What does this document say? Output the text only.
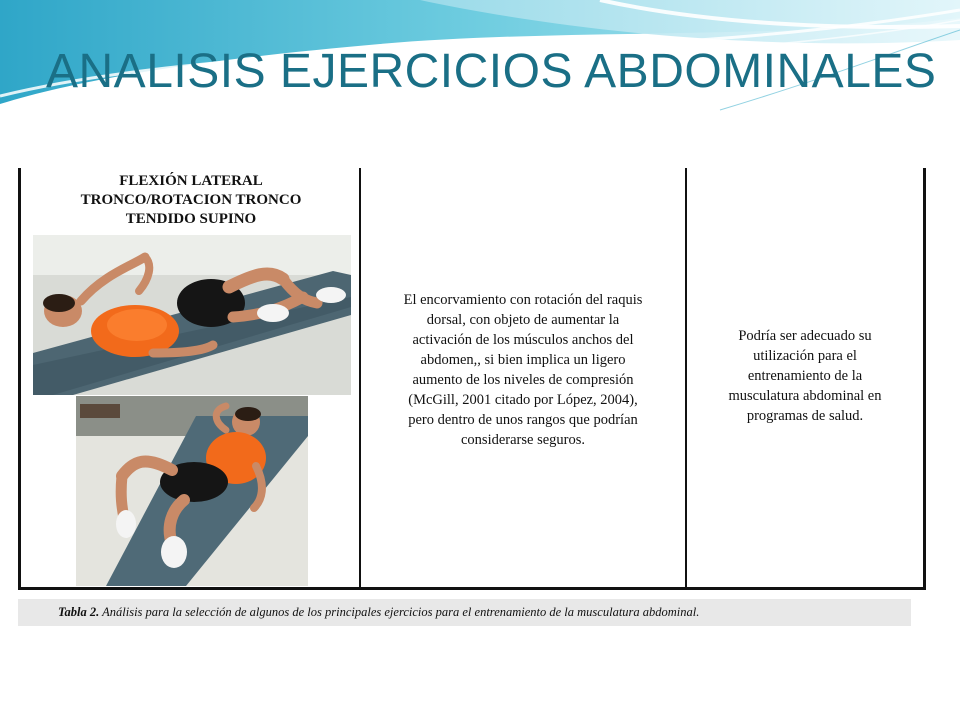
ANALISIS EJERCICIOS ABDOMINALES
FLEXIÓN LATERAL
TRONCO/ROTACION TRONCO
TENDIDO SUPINO
El encorvamiento con rotación del raquis
dorsal, con objeto de aumentar la
activación de los músculos anchos del
abdomen,, si bien implica un ligero
aumento de los niveles de compresión
(McGill, 2001 citado por López, 2004),
pero dentro de unos rangos que podrían
considerarse seguros.
Podría ser adecuado su
utilización para el
entrenamiento de la
musculatura abdominal en
programas de salud.
Tabla 2. Análisis para la selección de algunos de los principales ejercicios para el entrenamiento de la musculatura abdominal.
